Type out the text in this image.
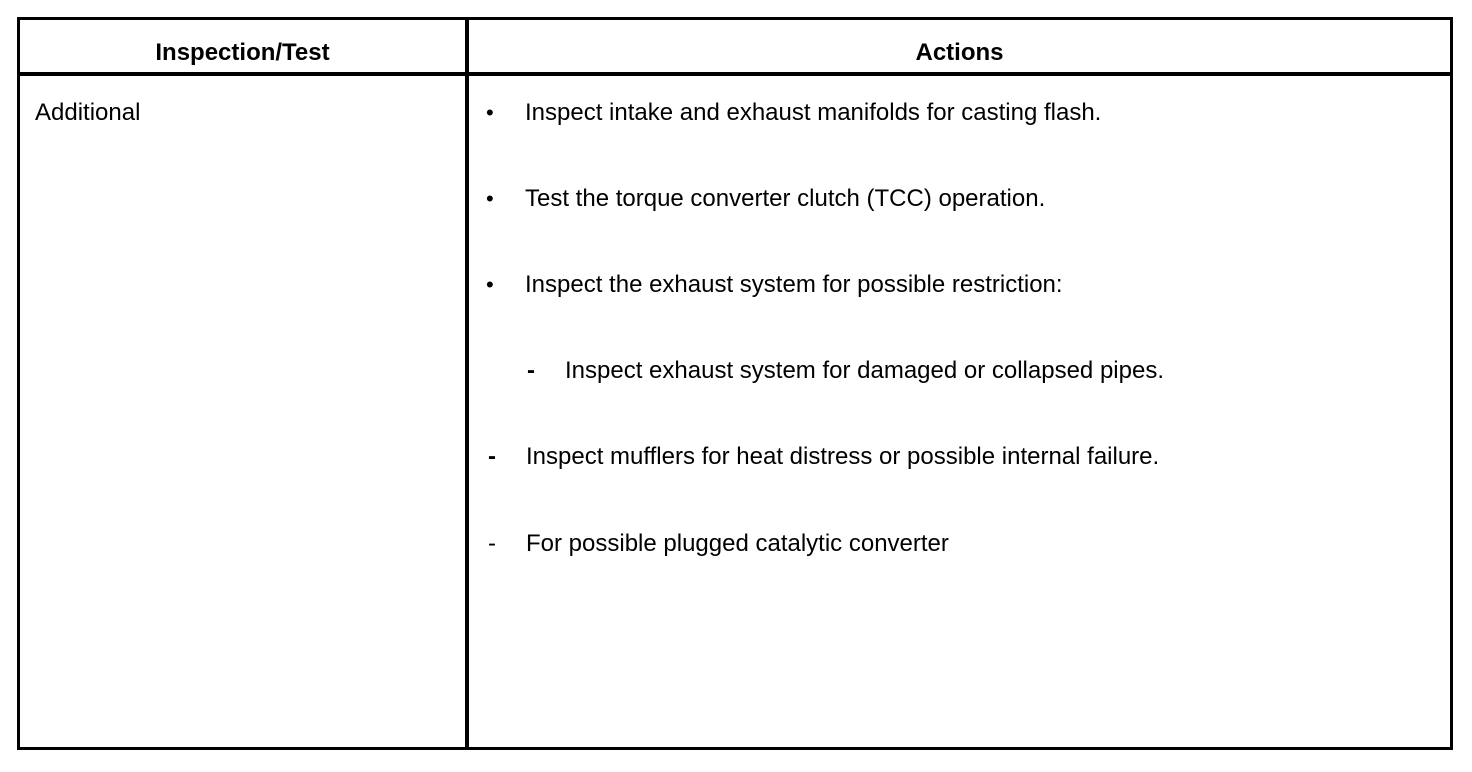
Inspection/Test	Actions
Additional	• Inspect intake and exhaust manifolds for casting flash.
• Test the torque converter clutch (TCC) operation.
• Inspect the exhaust system for possible restriction:
- Inspect exhaust system for damaged or collapsed pipes.
- Inspect mufflers for heat distress or possible internal failure.
- For possible plugged catalytic converter
